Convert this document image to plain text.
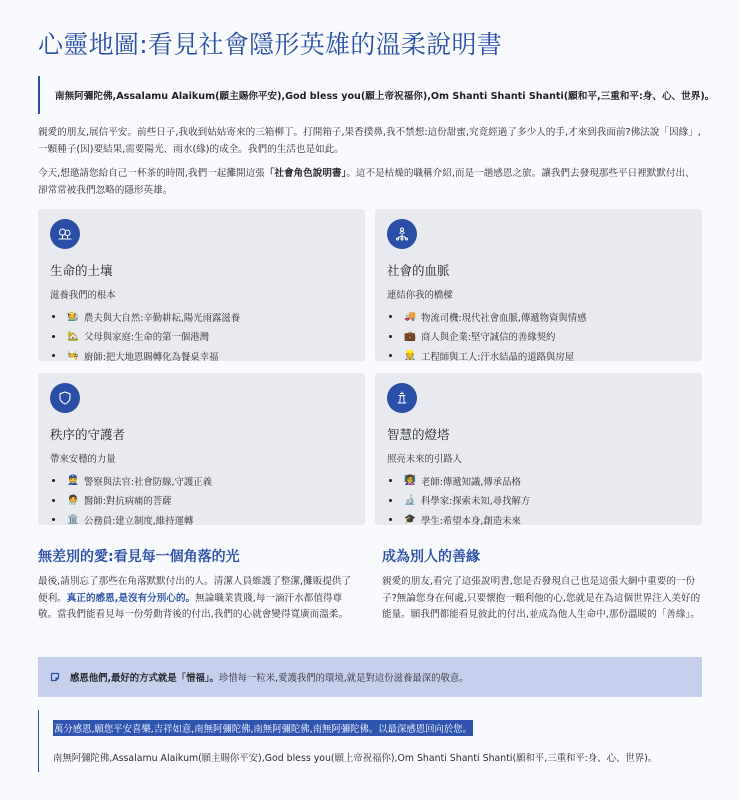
心靈地圖:看見社會隱形英雄的溫柔說明書
南無阿彌陀佛,Assalamu Alaikum(願主賜你平安),God bless you(願上帝祝福你),Om Shanti Shanti Shanti(願和平,三重和平:身、心、世界)。

親愛的朋友,展信平安。前些日子,我收到姑姑寄來的三箱柳丁。打開箱子,果香撲鼻,我不禁想:這份甜蜜,究竟經過了多少人的手,才來到我面前?佛法說「因緣」,一顆種子(因)要結果,需要陽光、雨水(緣)的成全。我們的生活也是如此。

今天,想邀請您給自己一杯茶的時間,我們一起攤開這張「社會角色說明書」。這不是枯燥的職稱介紹,而是一趟感恩之旅。讓我們去發現那些平日裡默默付出、卻常常被我們忽略的隱形英雄。

生命的土壤
滋養我們的根本
🧑‍🌾 農夫與大自然:辛勤耕耘,陽光雨露滋養
🏡 父母與家庭:生命的第一個港灣
🧑‍🍳 廚師:把大地恩賜轉化為餐桌幸福
社會的血脈
連結你我的橋樑
🚚 物流司機:現代社會血脈,傳遞物資與情感
💼 商人與企業:堅守誠信的善緣契約
👷 工程師與工人:汗水結晶的道路與房屋
秩序的守護者
帶來安穩的力量
👮 警察與法官:社會防線,守護正義
🧑‍⚕️ 醫師:對抗病痛的菩薩
🏛️ 公務員:建立制度,維持運轉
智慧的燈塔
照亮未來的引路人
👩‍🏫 老師:傳遞知識,傳承品格
🔬 科學家:探索未知,尋找解方
🎓 學生:希望本身,創造未來
無差別的愛:看見每一個角落的光

最後,請別忘了那些在角落默默付出的人。清潔人員維護了整潔,攤販提供了便利。真正的感恩,是沒有分別心的。無論職業貴賤,每一滴汗水都值得尊敬。當我們能看見每一份勞動背後的付出,我們的心就會變得寬廣而溫柔。

成為別人的善緣

親愛的朋友,看完了這張說明書,您是否發現自己也是這張大網中重要的一份子?無論您身在何處,只要懷抱一顆利他的心,您就是在為這個世界注入美好的能量。願我們都能看見彼此的付出,並成為他人生命中,那份溫暖的「善緣」。

感恩他們,最好的方式就是「惜福」。珍惜每一粒米,愛護我們的環境,就是對這份滋養最深的敬意。
萬分感恩,願您平安喜樂,吉祥如意,南無阿彌陀佛,南無阿彌陀佛,南無阿彌陀佛。以最深感恩回向於您。
南無阿彌陀佛,Assalamu Alaikum(願主賜你平安),God bless you(願上帝祝福你),Om Shanti Shanti Shanti(願和平,三重和平:身、心、世界)。
